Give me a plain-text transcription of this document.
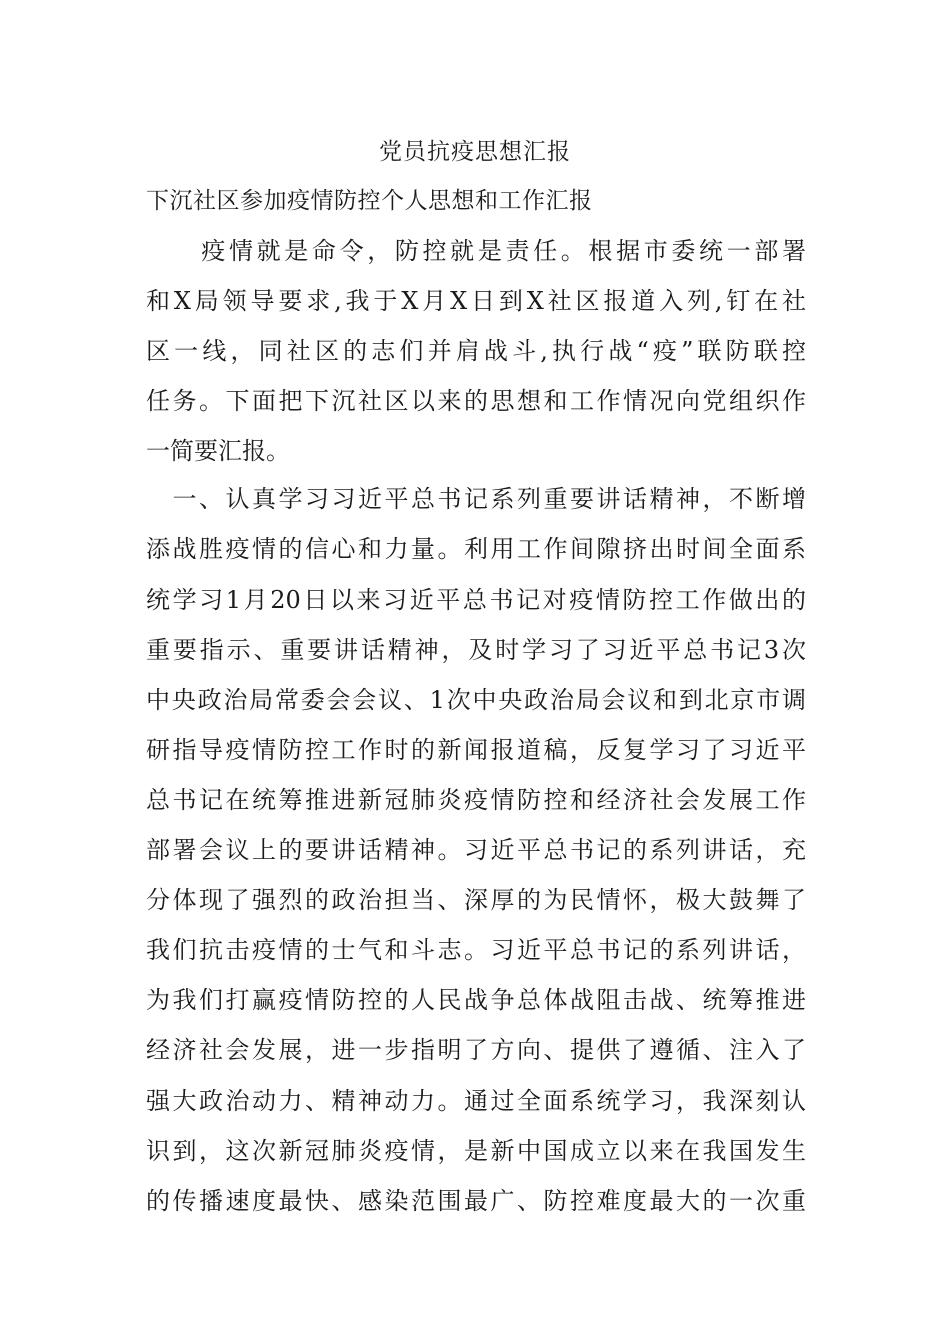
党员抗疫思想汇报
下沉社区参加疫情防控个人思想和工作汇报
　　疫情就是命令，防控就是责任。根据市委统一部署
和X局领导要求,我于X月X日到X社区报道入列,钉在社
区一线，同社区的志们并肩战斗,执行战“疫”联防联控
任务。下面把下沉社区以来的思想和工作情况向党组织作
一简要汇报。
　一、认真学习习近平总书记系列重要讲话精神，不断增
添战胜疫情的信心和力量。利用工作间隙挤出时间全面系
统学习1月20日以来习近平总书记对疫情防控工作做出的
重要指示、重要讲话精神，及时学习了习近平总书记3次
中央政治局常委会会议、1次中央政治局会议和到北京市调
研指导疫情防控工作时的新闻报道稿，反复学习了习近平
总书记在统筹推进新冠肺炎疫情防控和经济社会发展工作
部署会议上的要讲话精神。习近平总书记的系列讲话，充
分体现了强烈的政治担当、深厚的为民情怀，极大鼓舞了
我们抗击疫情的士气和斗志。习近平总书记的系列讲话，
为我们打赢疫情防控的人民战争总体战阻击战、统筹推进
经济社会发展，进一步指明了方向、提供了遵循、注入了
强大政治动力、精神动力。通过全面系统学习，我深刻认
识到，这次新冠肺炎疫情，是新中国成立以来在我国发生
的传播速度最快、感染范围最广、防控难度最大的一次重
